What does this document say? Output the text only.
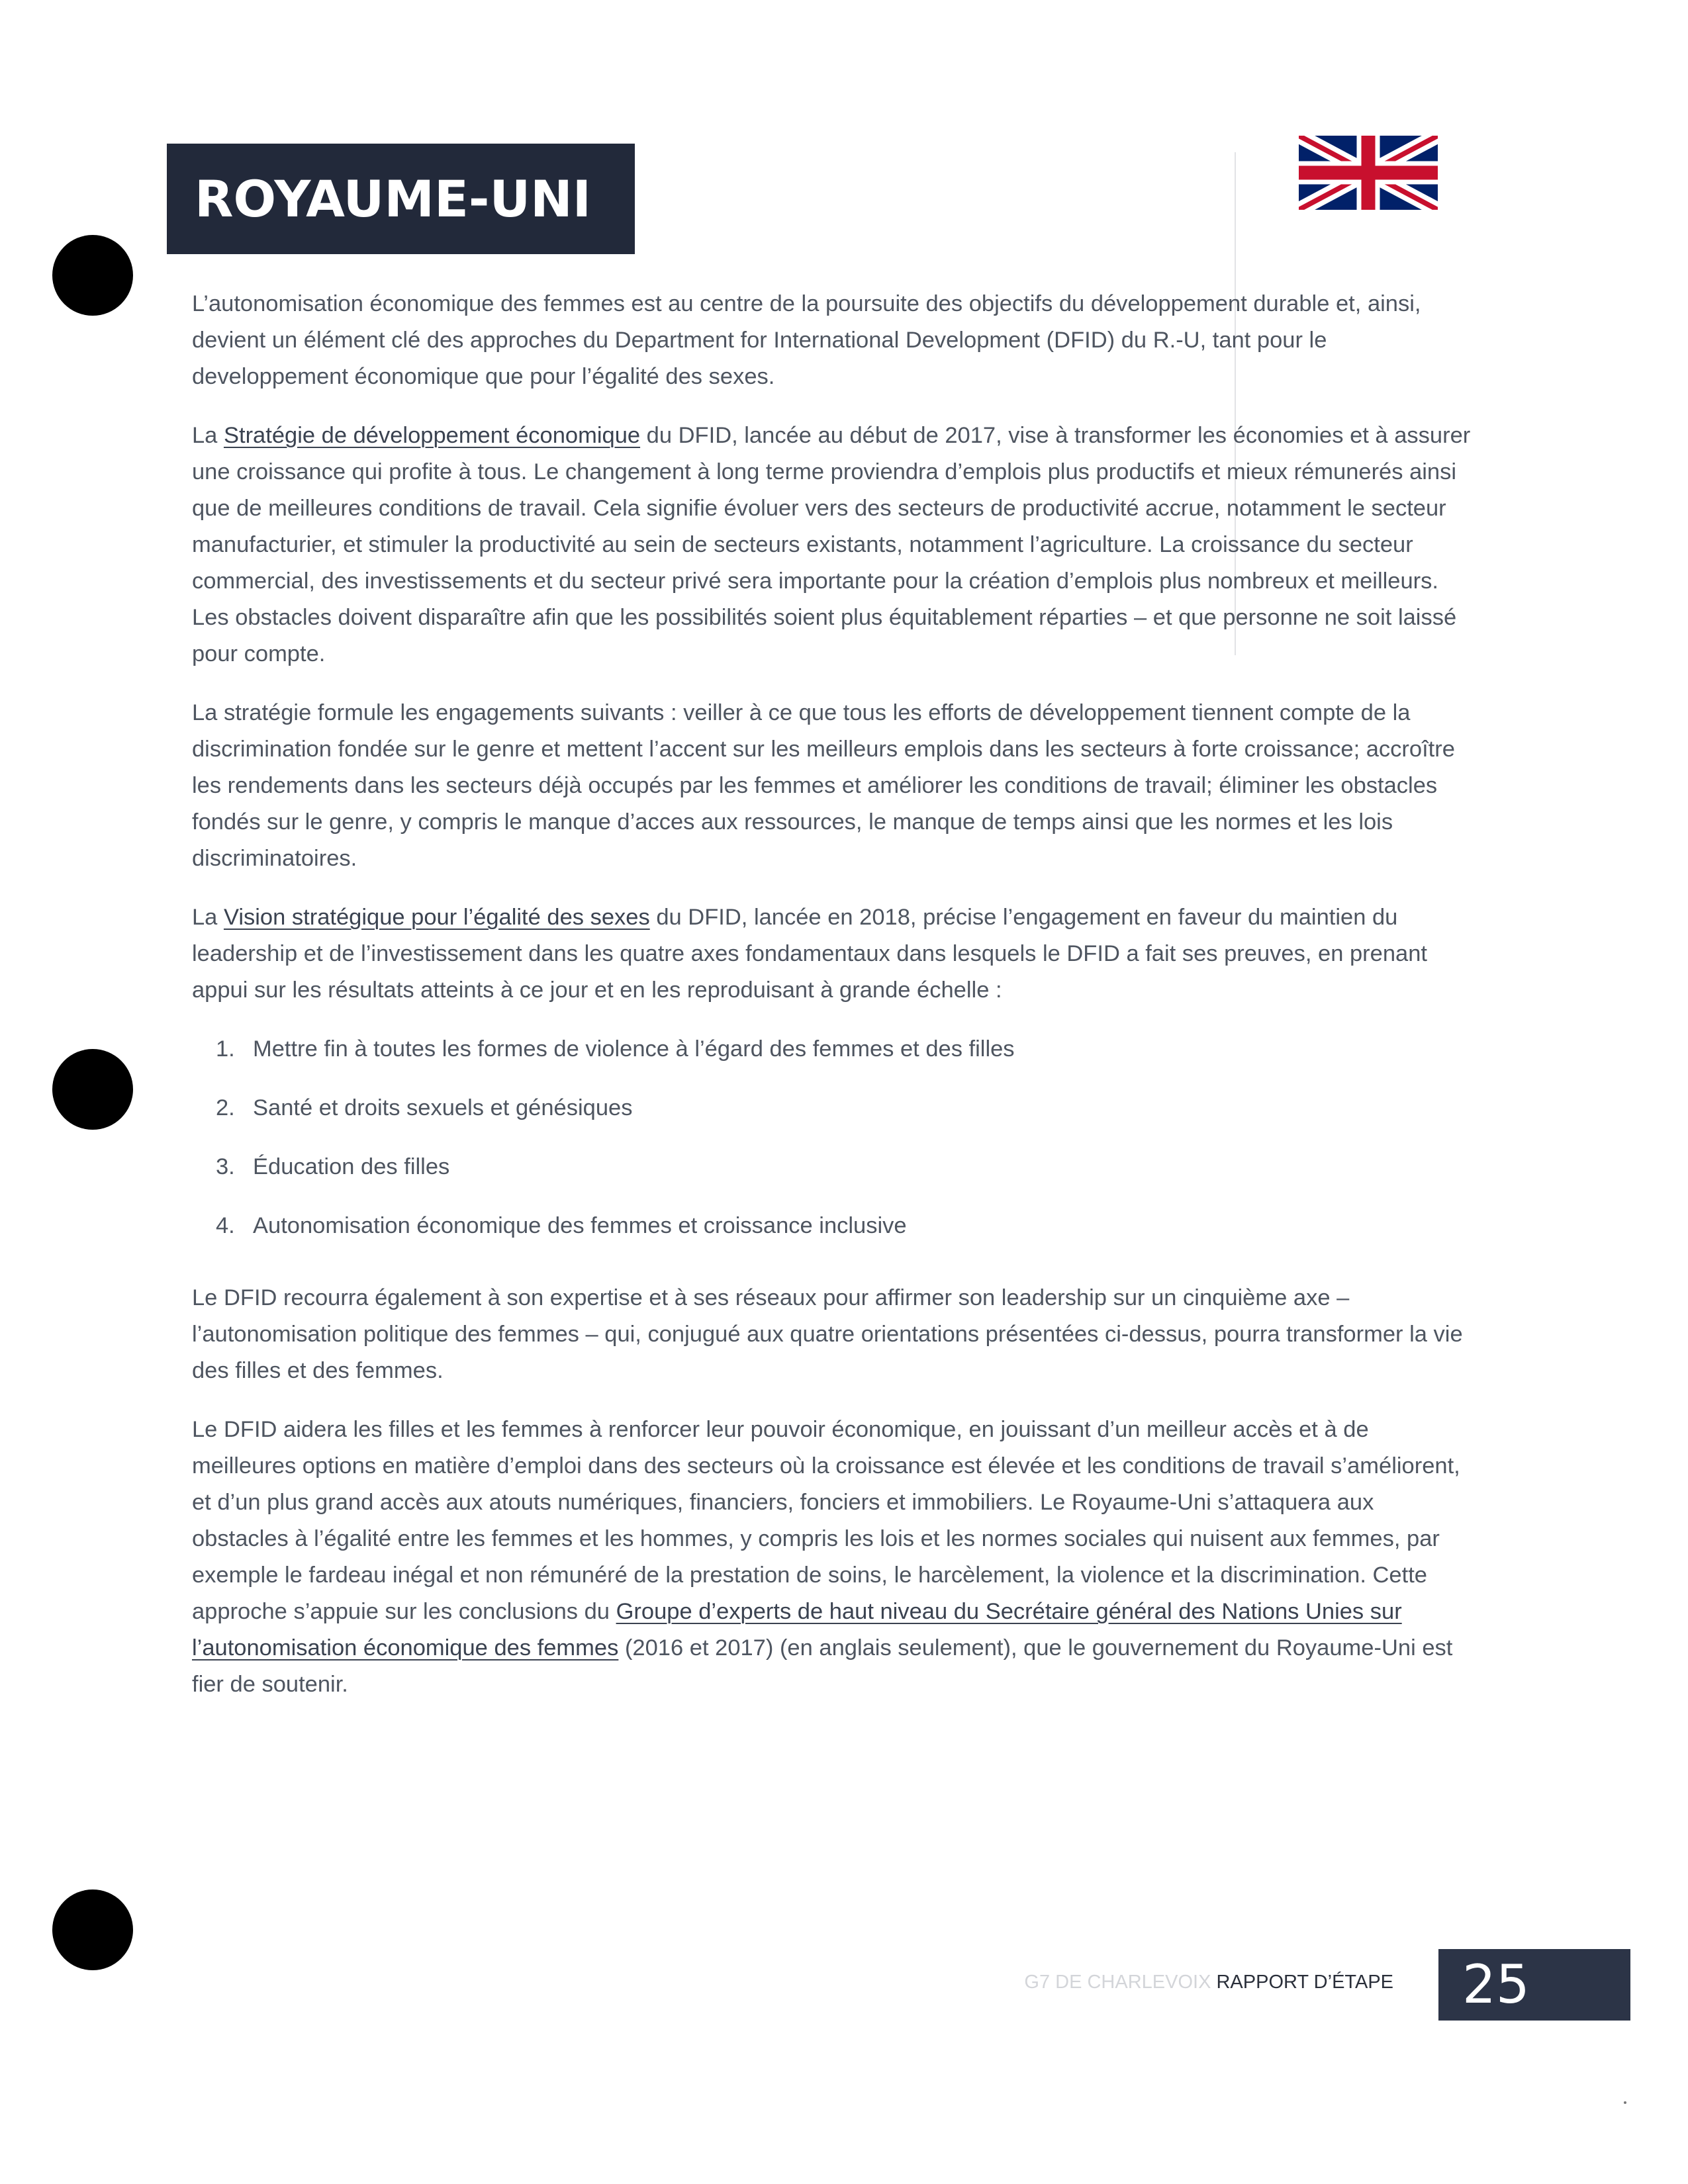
ROYAUME-UNI

L’autonomisation économique des femmes est au centre de la poursuite des objectifs du développement durable et, ainsi, devient un élément clé des approches du Department for International Development (DFID) du R.-U, tant pour le developpement économique que pour l’égalité des sexes.

La Stratégie de développement économique du DFID, lancée au début de 2017, vise à transformer les économies et à assurer une croissance qui profite à tous. Le changement à long terme proviendra d’emplois plus productifs et mieux rémunerés ainsi que de meilleures conditions de travail. Cela signifie évoluer vers des secteurs de productivité accrue, notamment le secteur manufacturier, et stimuler la productivité au sein de secteurs existants, notamment l’agriculture. La croissance du secteur commercial, des investissements et du secteur privé sera importante pour la création d’emplois plus nombreux et meilleurs. Les obstacles doivent disparaître afin que les possibilités soient plus équitablement réparties – et que personne ne soit laissé pour compte.

La stratégie formule les engagements suivants : veiller à ce que tous les efforts de développement tiennent compte de la discrimination fondée sur le genre et mettent l’accent sur les meilleurs emplois dans les secteurs à forte croissance; accroître les rendements dans les secteurs déjà occupés par les femmes et améliorer les conditions de travail; éliminer les obstacles fondés sur le genre, y compris le manque d’acces aux ressources, le manque de temps ainsi que les normes et les lois discriminatoires.

La Vision stratégique pour l’égalité des sexes du DFID, lancée en 2018, précise l’engagement en faveur du maintien du leadership et de l’investissement dans les quatre axes fondamentaux dans lesquels le DFID a fait ses preuves, en prenant appui sur les résultats atteints à ce jour et en les reproduisant à grande échelle :

1. Mettre fin à toutes les formes de violence à l’égard des femmes et des filles
2. Santé et droits sexuels et génésiques
3. Éducation des filles
4. Autonomisation économique des femmes et croissance inclusive

Le DFID recourra également à son expertise et à ses réseaux pour affirmer son leadership sur un cinquième axe – l’autonomisation politique des femmes – qui, conjugué aux quatre orientations présentées ci-dessus, pourra transformer la vie des filles et des femmes.

Le DFID aidera les filles et les femmes à renforcer leur pouvoir économique, en jouissant d’un meilleur accès et à de meilleures options en matière d’emploi dans des secteurs où la croissance est élevée et les conditions de travail s’améliorent, et d’un plus grand accès aux atouts numériques, financiers, fonciers et immobiliers. Le Royaume-Uni s’attaquera aux obstacles à l’égalité entre les femmes et les hommes, y compris les lois et les normes sociales qui nuisent aux femmes, par exemple le fardeau inégal et non rémunéré de la prestation de soins, le harcèlement, la violence et la discrimination. Cette approche s’appuie sur les conclusions du Groupe d’experts de haut niveau du Secrétaire général des Nations Unies sur l’autonomisation économique des femmes (2016 et 2017) (en anglais seulement), que le gouvernement du Royaume-Uni est fier de soutenir.

G7 DE CHARLEVOIX RAPPORT D’ÉTAPE	25
